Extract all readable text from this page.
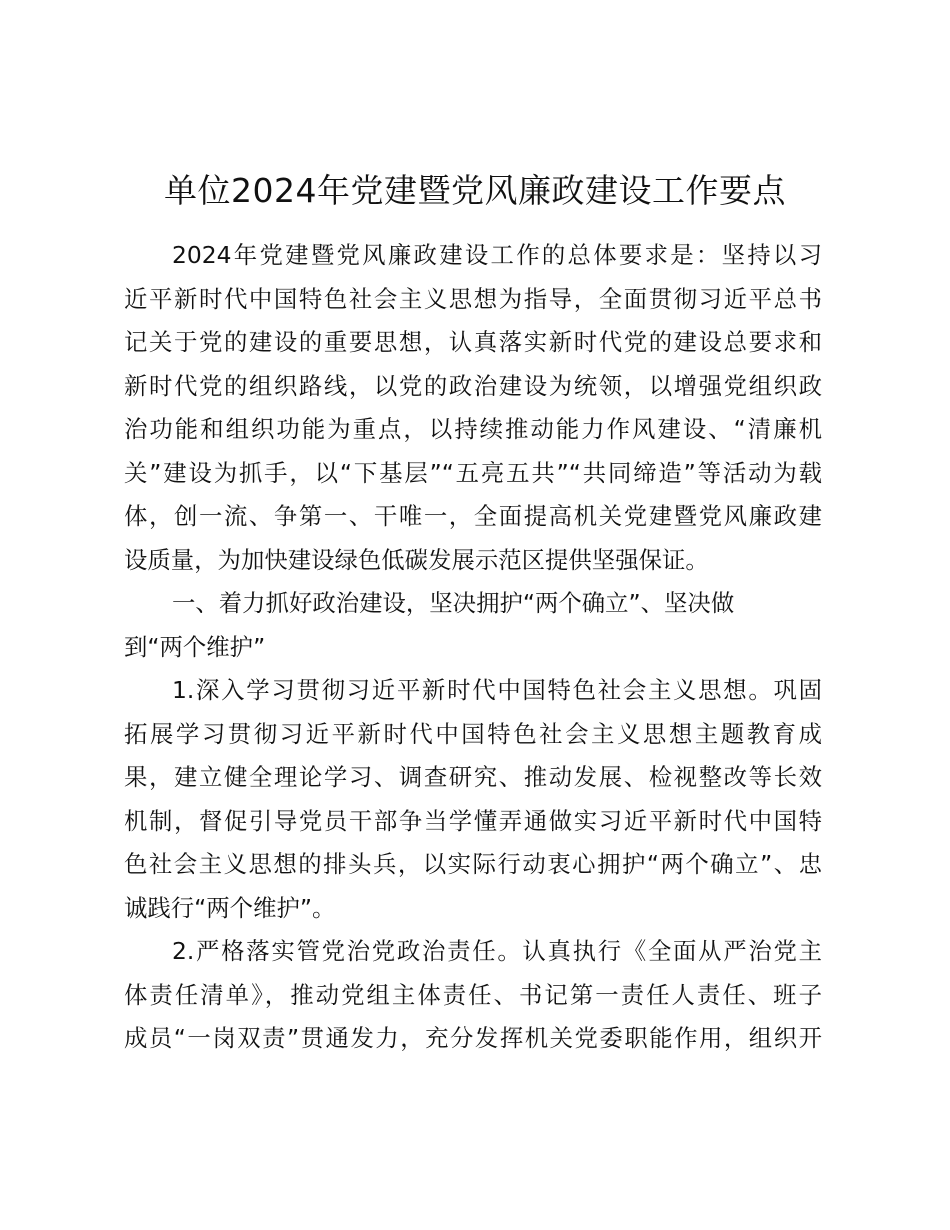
单位2024年党建暨党风廉政建设工作要点

2024年党建暨党风廉政建设工作的总体要求是：坚持以习
近平新时代中国特色社会主义思想为指导，全面贯彻习近平总书
记关于党的建设的重要思想，认真落实新时代党的建设总要求和
新时代党的组织路线，以党的政治建设为统领，以增强党组织政
治功能和组织功能为重点，以持续推动能力作风建设、“清廉机
关”建设为抓手，以“下基层”“五亮五共”“共同缔造”等活动为载
体，创一流、争第一、干唯一，全面提高机关党建暨党风廉政建
设质量，为加快建设绿色低碳发展示范区提供坚强保证。

一、着力抓好政治建设，坚决拥护“两个确立”、坚决做
到“两个维护”

1.深入学习贯彻习近平新时代中国特色社会主义思想。巩固
拓展学习贯彻习近平新时代中国特色社会主义思想主题教育成
果，建立健全理论学习、调查研究、推动发展、检视整改等长效
机制，督促引导党员干部争当学懂弄通做实习近平新时代中国特
色社会主义思想的排头兵，以实际行动衷心拥护“两个确立”、忠
诚践行“两个维护”。

2.严格落实管党治党政治责任。认真执行《全面从严治党主
体责任清单》，推动党组主体责任、书记第一责任人责任、班子
成员“一岗双责”贯通发力，充分发挥机关党委职能作用，组织开
